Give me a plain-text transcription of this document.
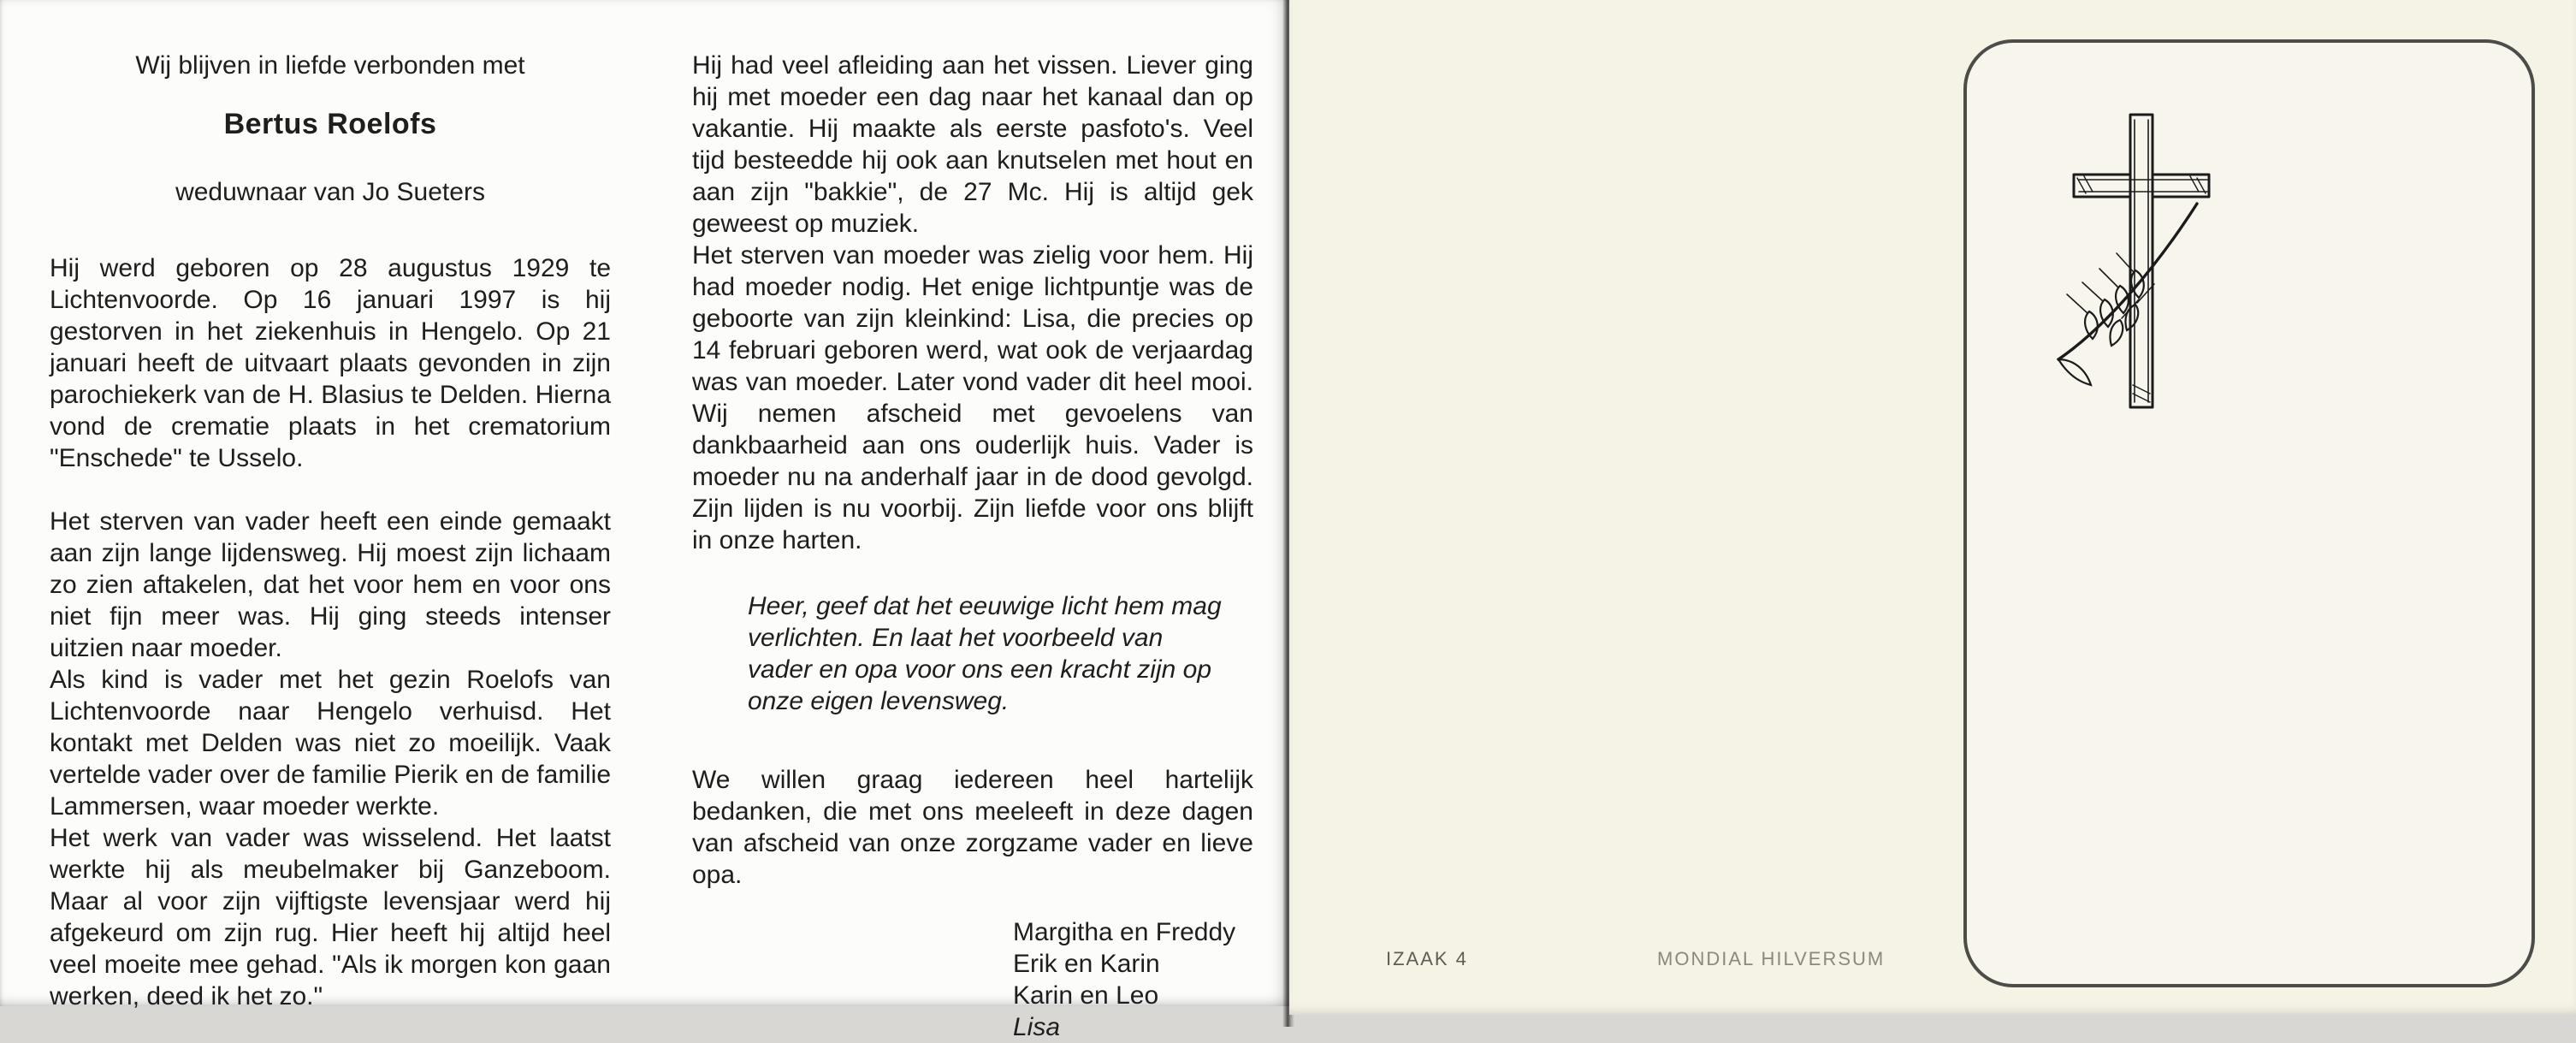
Wij blijven in liefde verbonden met
Bertus Roelofs
weduwnaar van Jo Sueters

Hij werd geboren op 28 augustus 1929 te Lichtenvoorde. Op 16 januari 1997 is hij gestorven in het ziekenhuis in Hengelo. Op 21 januari heeft de uitvaart plaats gevonden in zijn parochiekerk van de H. Blasius te Delden. Hierna vond de crematie plaats in het crematorium "Enschede" te Usselo.

Het sterven van vader heeft een einde gemaakt aan zijn lange lijdensweg. Hij moest zijn lichaam zo zien aftakelen, dat het voor hem en voor ons niet fijn meer was. Hij ging steeds intenser uitzien naar moeder.

Als kind is vader met het gezin Roelofs van Lichtenvoorde naar Hengelo verhuisd. Het kontakt met Delden was niet zo moeilijk. Vaak vertelde vader over de familie Pierik en de familie Lammersen, waar moeder werkte.

Het werk van vader was wisselend. Het laatst werkte hij als meubelmaker bij Ganzeboom. Maar al voor zijn vijftigste levensjaar werd hij afgekeurd om zijn rug. Hier heeft hij altijd heel veel moeite mee gehad. "Als ik morgen kon gaan werken, deed ik het zo."

Hij had veel afleiding aan het vissen. Liever ging hij met moeder een dag naar het kanaal dan op vakantie. Hij maakte als eerste pasfoto's. Veel tijd besteedde hij ook aan knutselen met hout en aan zijn "bakkie", de 27 Mc. Hij is altijd gek geweest op muziek.

Het sterven van moeder was zielig voor hem. Hij had moeder nodig. Het enige lichtpuntje was de geboorte van zijn kleinkind: Lisa, die precies op 14 februari geboren werd, wat ook de verjaardag was van moeder. Later vond vader dit heel mooi. Wij nemen afscheid met gevoelens van dankbaarheid aan ons ouderlijk huis. Vader is moeder nu na anderhalf jaar in de dood gevolgd. Zijn lijden is nu voorbij. Zijn liefde voor ons blijft in onze harten.

Heer, geef dat het eeuwige licht hem mag verlichten. En laat het voorbeeld van vader en opa voor ons een kracht zijn op onze eigen levensweg.

We willen graag iedereen heel hartelijk bedanken, die met ons meeleeft in deze dagen van afscheid van onze zorgzame vader en lieve opa.

Margitha en Freddy
Erik en Karin
Karin en Leo
Lisa
IZAAK 4	MONDIAL HILVERSUM
